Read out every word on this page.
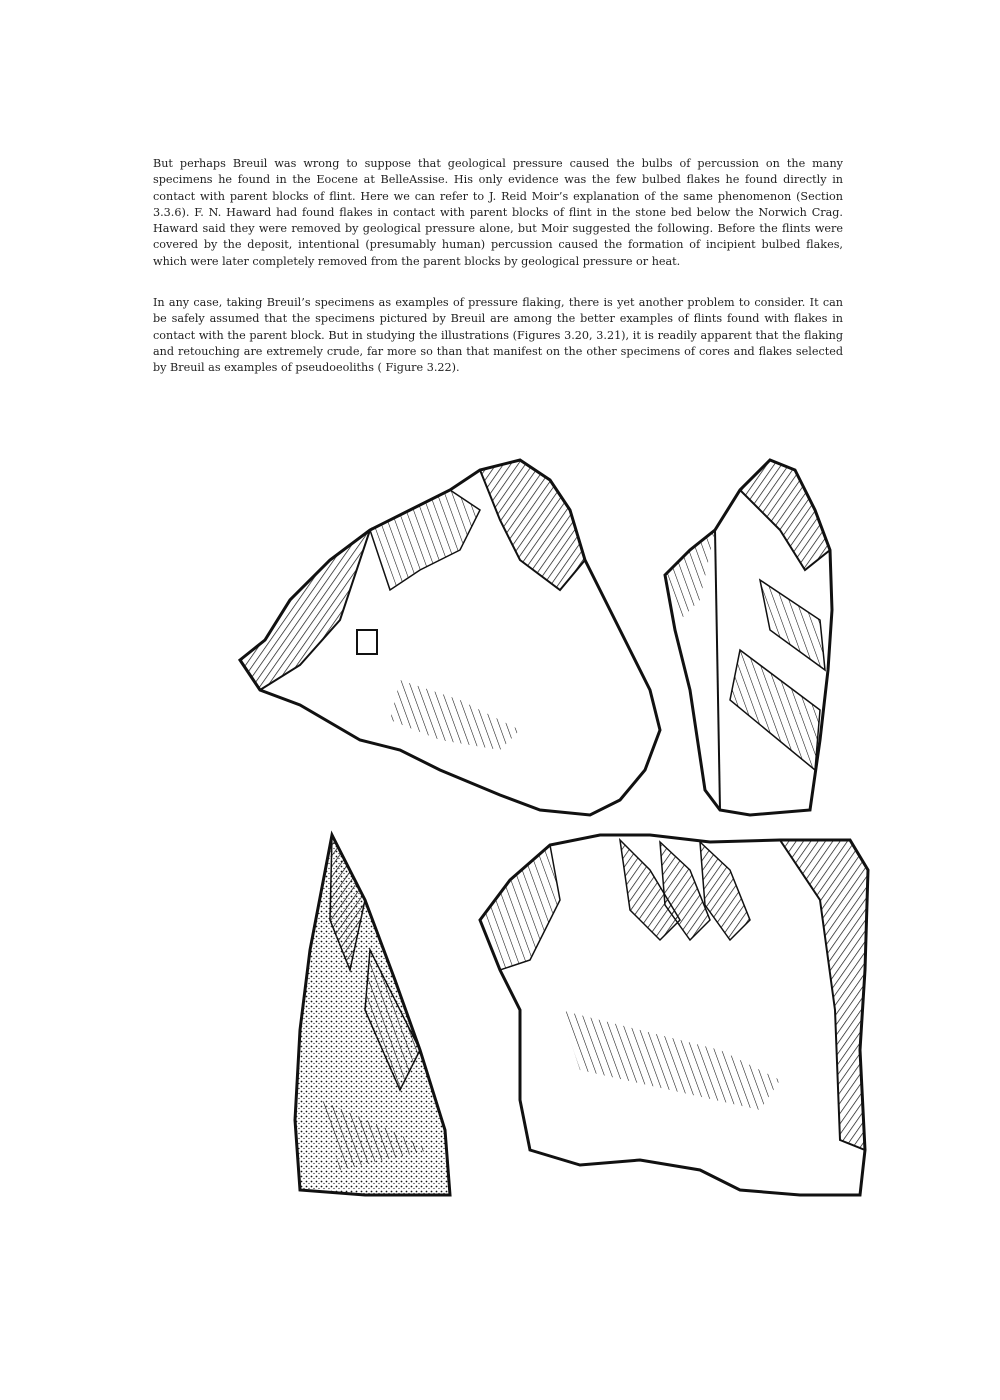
But perhaps Breuil was wrong to suppose that geological pressure caused the bulbs of percussion on the many specimens he found in the Eocene at BelleAssise. His only evidence was the few bulbed flakes he found directly in contact with parent blocks of flint. Here we can refer to J. Reid Moir’s explanation of the same phenomenon (Section 3.3.6). F. N. Haward had found flakes in contact with parent blocks of flint in the stone bed below the Norwich Crag. Haward said they were removed by geological pressure alone, but Moir suggested the following. Before the flints were covered by the deposit, intentional (presumably human) percussion caused the formation of incipient bulbed flakes, which were later completely removed from the parent blocks by geological pressure or heat.

In any case, taking Breuil’s specimens as examples of pressure flaking, there is yet another problem to consider. It can be safely assumed that the specimens pictured by Breuil are among the better examples of flints found with flakes in contact with the parent block. But in studying the illustrations (Figures 3.20, 3.21), it is readily apparent that the flaking and retouching are extremely crude, far more so than that manifest on the other specimens of cores and flakes selected by Breuil as examples of pseudoeoliths ( Figure 3.22).
